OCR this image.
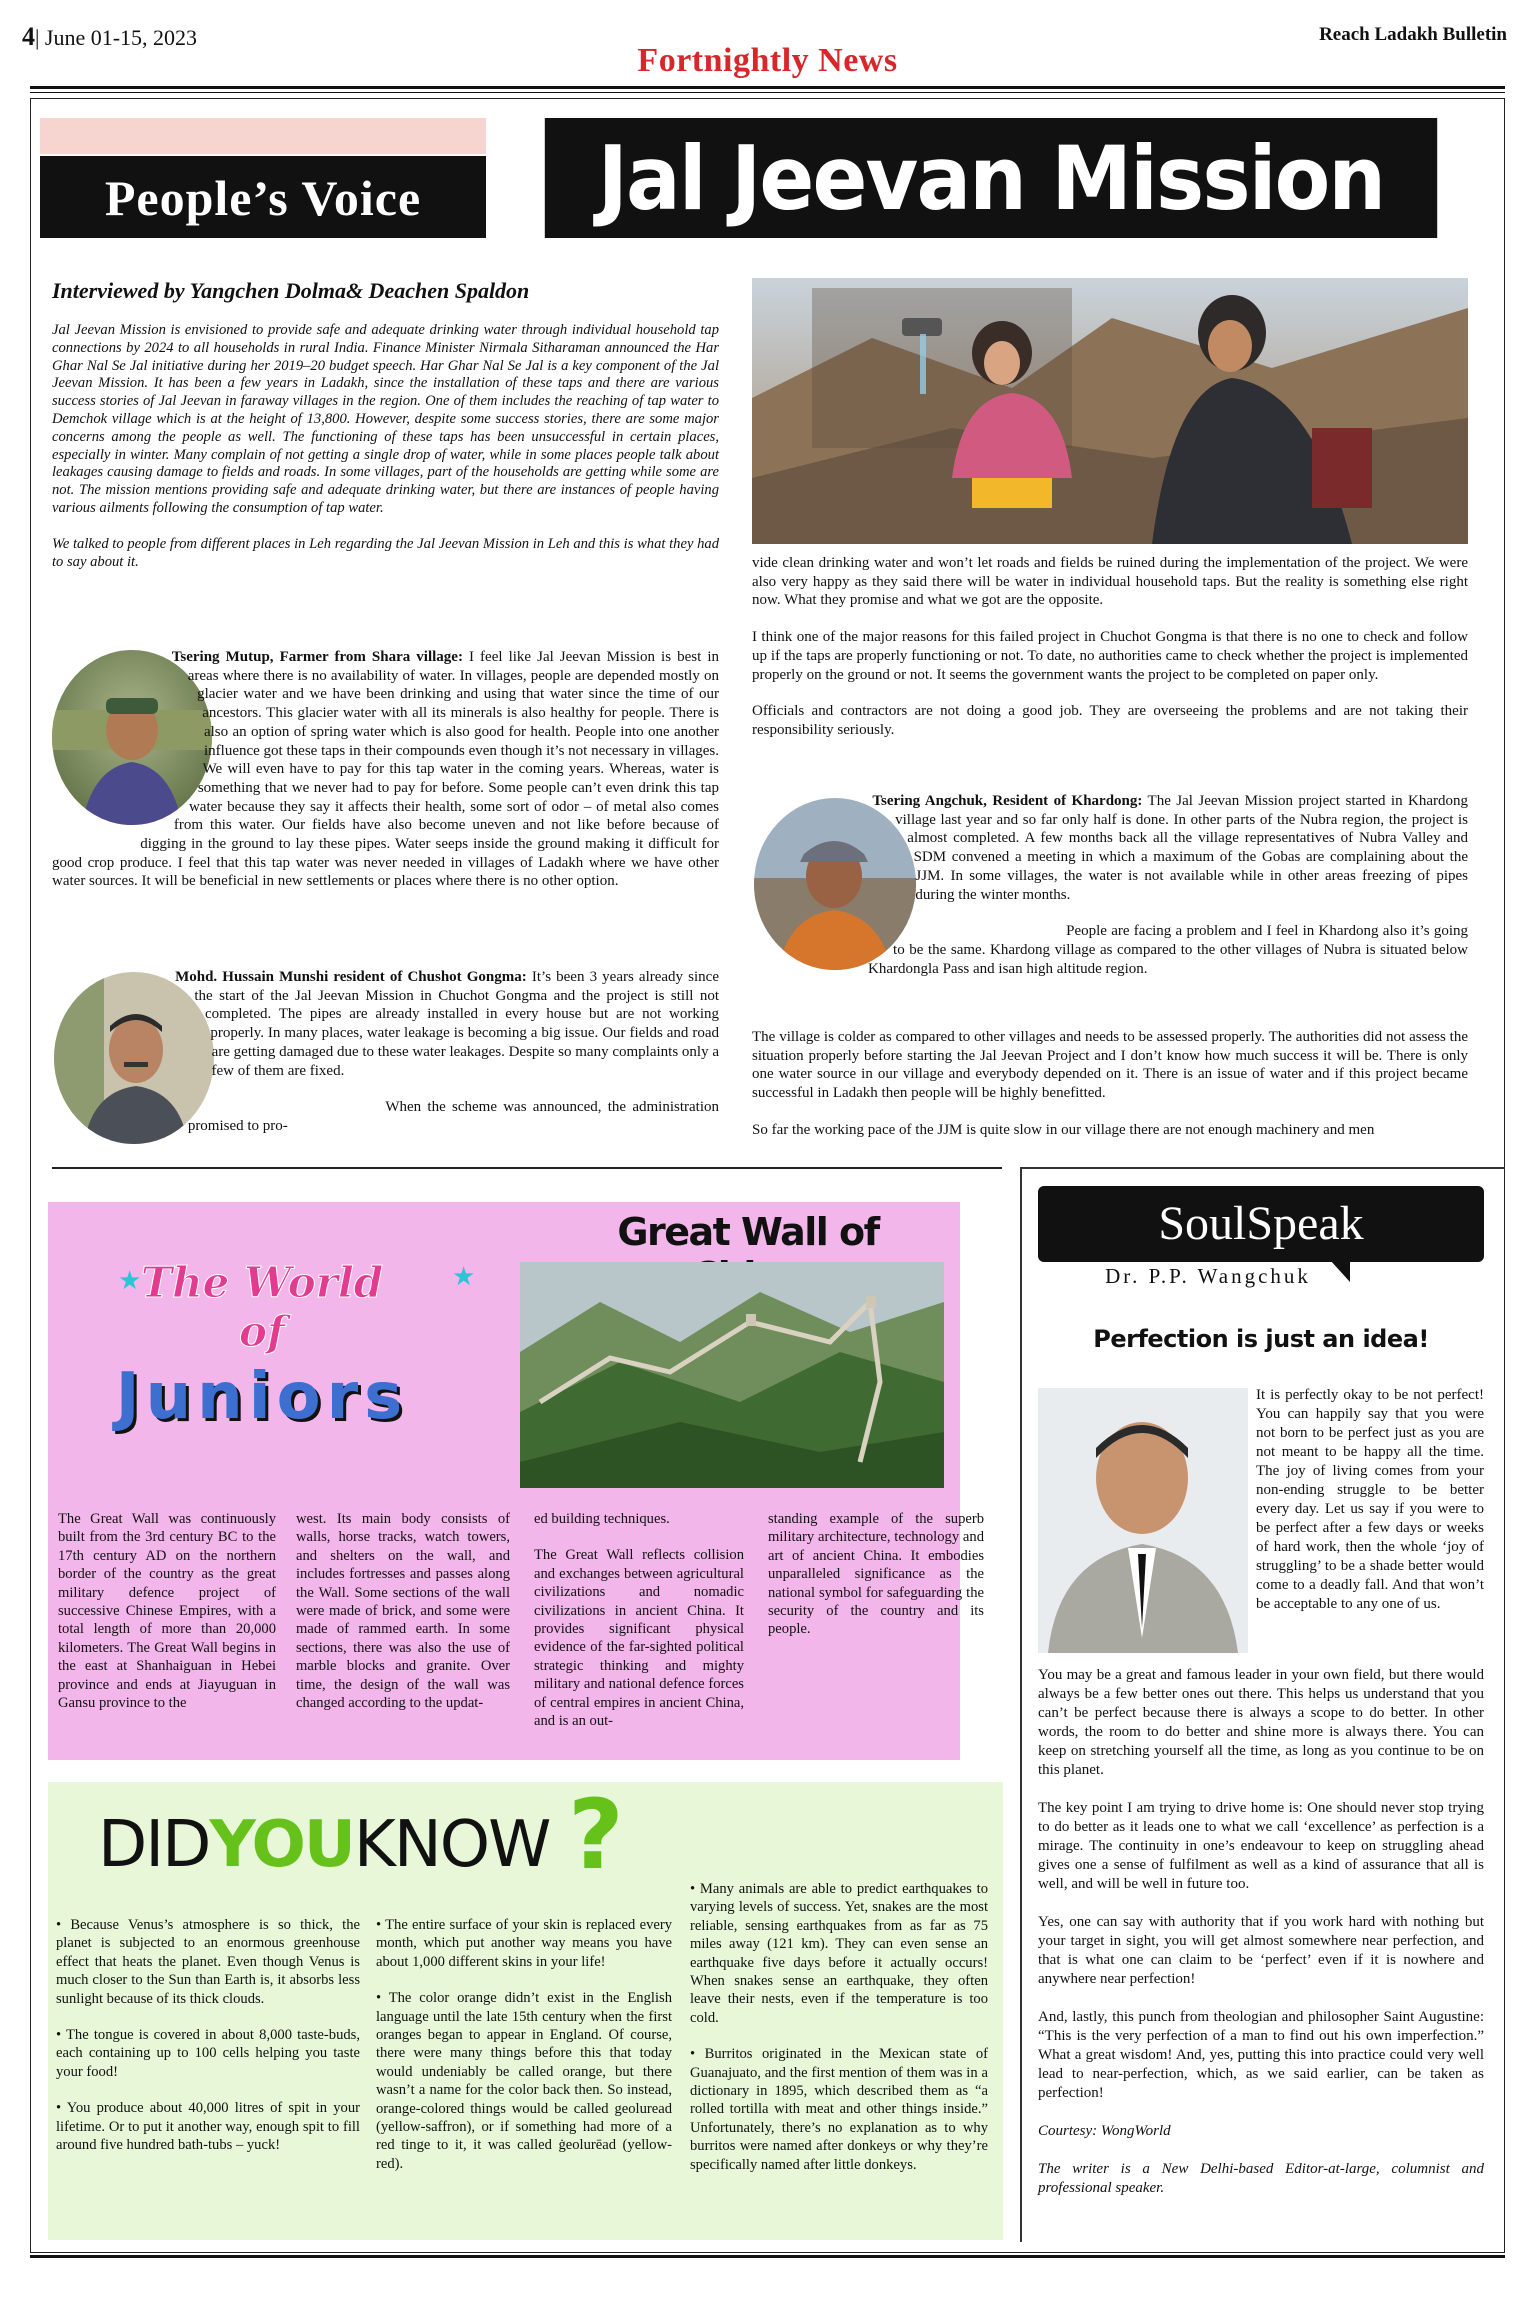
4| June 01-15, 2023	Reach Ladakh Bulletin
Fortnightly News
People’s Voice	Jal Jeevan Mission
Interviewed by Yangchen Dolma& Deachen Spaldon

Jal Jeevan Mission is envisioned to provide safe and adequate drinking water through individual household tap connections by 2024 to all households in rural India. Finance Minister Nirmala Sitharaman announced the Har Ghar Nal Se Jal initiative during her 2019–20 budget speech. Har Ghar Nal Se Jal is a key component of the Jal Jeevan Mission. It has been a few years in Ladakh, since the installation of these taps and there are various success stories of Jal Jeevan in faraway villages in the region. One of them includes the reaching of tap water to Demchok village which is at the height of 13,800. However, despite some success stories, there are some major concerns among the people as well. The functioning of these taps has been unsuccessful in certain places, especially in winter. Many complain of not getting a single drop of water, while in some places people talk about leakages causing damage to fields and roads. In some villages, part of the households are getting while some are not. The mission mentions providing safe and adequate drinking water, but there are instances of people having various ailments following the consumption of tap water.

We talked to people from different places in Leh regarding the Jal Jeevan Mission in Leh and this is what they had to say about it.

Tsering Mutup, Farmer from Shara village: I feel like Jal Jeevan Mission is best in areas where there is no availability of water. In villages, people are depended mostly on glacier water and we have been drinking and using that water since the time of our ancestors. This glacier water with all its minerals is also healthy for people. There is also an option of spring water which is also good for health. People into one another influence got these taps in their compounds even though it’s not necessary in villages. We will even have to pay for this tap water in the coming years. Whereas, water is something that we never had to pay for before. Some people can’t even drink this tap water because they say it affects their health, some sort of odor – of metal also comes from this water. Our fields have also become uneven and not like before because of digging in the ground to lay these pipes. Water seeps inside the ground making it difficult for good crop produce. I feel that this tap water was never needed in villages of Ladakh where we have other water sources. It will be beneficial in new settlements or places where there is no other option.
Mohd. Hussain Munshi resident of Chushot Gongma: It’s been 3 years already since the start of the Jal Jeevan Mission in Chuchot Gongma and the project is still not completed. The pipes are already installed in every house but are not working properly. In many places, water leakage is becoming a big issue. Our fields and road are getting damaged due to these water leakages. Despite so many complaints only a few of them are fixed.

When the scheme was announced, the administration promised to pro-

vide clean drinking water and won’t let roads and fields be ruined during the implementation of the project. We were also very happy as they said there will be water in individual household taps. But the reality is something else right now. What they promise and what we got are the opposite.

I think one of the major reasons for this failed project in Chuchot Gongma is that there is no one to check and follow up if the taps are properly functioning or not. To date, no authorities came to check whether the project is implemented properly on the ground or not. It seems the government wants the project to be completed on paper only.

Officials and contractors are not doing a good job. They are overseeing the problems and are not taking their responsibility seriously.

Tsering Angchuk, Resident of Khardong: The Jal Jeevan Mission project started in Khardong village last year and so far only half is done. In other parts of the Nubra region, the project is almost completed. A few months back all the village representatives of Nubra Valley and SDM convened a meeting in which a maximum of the Gobas are complaining about the JJM. In some villages, the water is not available while in other areas freezing of pipes during the winter months.

People are facing a problem and I feel in Khardong also it’s going to be the same. Khardong village as compared to the other villages of Nubra is situated below Khardongla Pass and isan high altitude region.

The village is colder as compared to other villages and needs to be assessed properly. The authorities did not assess the situation properly before starting the Jal Jeevan Project and I don’t know how much success it will be. There is only one water source in our village and everybody depended on it. There is an issue of water and if this project became successful in Ladakh then people will be highly benefitted.

So far the working pace of the JJM is quite slow in our village there are not enough machinery and men

The World of
Juniors
★	★
Great Wall of
The Great Wall was continuously built from the 3rd century BC to the 17th century AD on the northern border of the country as the great military defence project of successive Chinese Empires, with a total length of more than 20,000 kilometers. The Great Wall begins in the east at Shanhaiguan in Hebei province and ends at Jiayuguan in Gansu province to the
west. Its main body consists of walls, horse tracks, watch towers, and shelters on the wall, and includes fortresses and passes along the Wall. Some sections of the wall were made of brick, and some were made of rammed earth. In some sections, there was also the use of marble blocks and granite. Over time, the design of the wall was changed according to the updat-

ed building techniques.

The Great Wall reflects collision and exchanges between agricultural civilizations and nomadic civilizations in ancient China. It provides significant physical evidence of the far-sighted political strategic thinking and mighty military and national defence forces of central empires in ancient China, and is an out-

standing example of the superb military architecture, technology and art of ancient China. It embodies unparalleled significance as the national symbol for safeguarding the security of the country and its people.
DIDYOUKNOW ?

• Because Venus’s atmosphere is so thick, the planet is subjected to an enormous greenhouse effect that heats the planet. Even though Venus is much closer to the Sun than Earth is, it absorbs less sunlight because of its thick clouds.

• The tongue is covered in about 8,000 taste-buds, each containing up to 100 cells helping you taste your food!

• You produce about 40,000 litres of spit in your lifetime. Or to put it another way, enough spit to fill around five hundred bath-tubs – yuck!

• The entire surface of your skin is replaced every month, which put another way means you have about 1,000 different skins in your life!

• The color orange didn’t exist in the English language until the late 15th century when the first oranges began to appear in England. Of course, there were many things before this that today would undeniably be called orange, but there wasn’t a name for the color back then. So instead, orange-colored things would be called geoluread (yellow-saffron), or if something had more of a red tinge to it, it was called ġeolurēad (yellow-red).

• Many animals are able to predict earthquakes to varying levels of success. Yet, snakes are the most reliable, sensing earthquakes from as far as 75 miles away (121 km). They can even sense an earthquake five days before it actually occurs! When snakes sense an earthquake, they often leave their nests, even if the temperature is too cold.

• Burritos originated in the Mexican state of Guanajuato, and the first mention of them was in a dictionary in 1895, which described them as “a rolled tortilla with meat and other things inside.” Unfortunately, there’s no explanation as to why burritos were named after donkeys or why they’re specifically named after little donkeys.

SoulSpeak
Dr. P.P. Wangchuk
Perfection is just an idea!
It is perfectly okay to be not perfect! You can happily say that you were not born to be perfect just as you are not meant to be happy all the time. The joy of living comes from your non-ending struggle to be better every day. Let us say if you were to be perfect after a few days or weeks of hard work, then the whole ‘joy of struggling’ to be a shade better would come to a deadly fall. And that won’t be acceptable to any one of us.

You may be a great and famous leader in your own field, but there would always be a few better ones out there. This helps us understand that you can’t be perfect because there is always a scope to do better. In other words, the room to do better and shine more is always there. You can keep on stretching yourself all the time, as long as you continue to be on this planet.

The key point I am trying to drive home is: One should never stop trying to do better as it leads one to what we call ‘excellence’ as perfection is a mirage. The continuity in one’s endeavour to keep on struggling ahead gives one a sense of fulfilment as well as a kind of assurance that all is well, and will be well in future too.

Yes, one can say with authority that if you work hard with nothing but your target in sight, you will get almost somewhere near perfection, and that is what one can claim to be ‘perfect’ even if it is nowhere and anywhere near perfection!

And, lastly, this punch from theologian and philosopher Saint Augustine: “This is the very perfection of a man to find out his own imperfection.” What a great wisdom! And, yes, putting this into practice could very well lead to near-perfection, which, as we said earlier, can be taken as perfection!

Courtesy: WongWorld

The writer is a New Delhi-based Editor-at-large, columnist and professional speaker.
